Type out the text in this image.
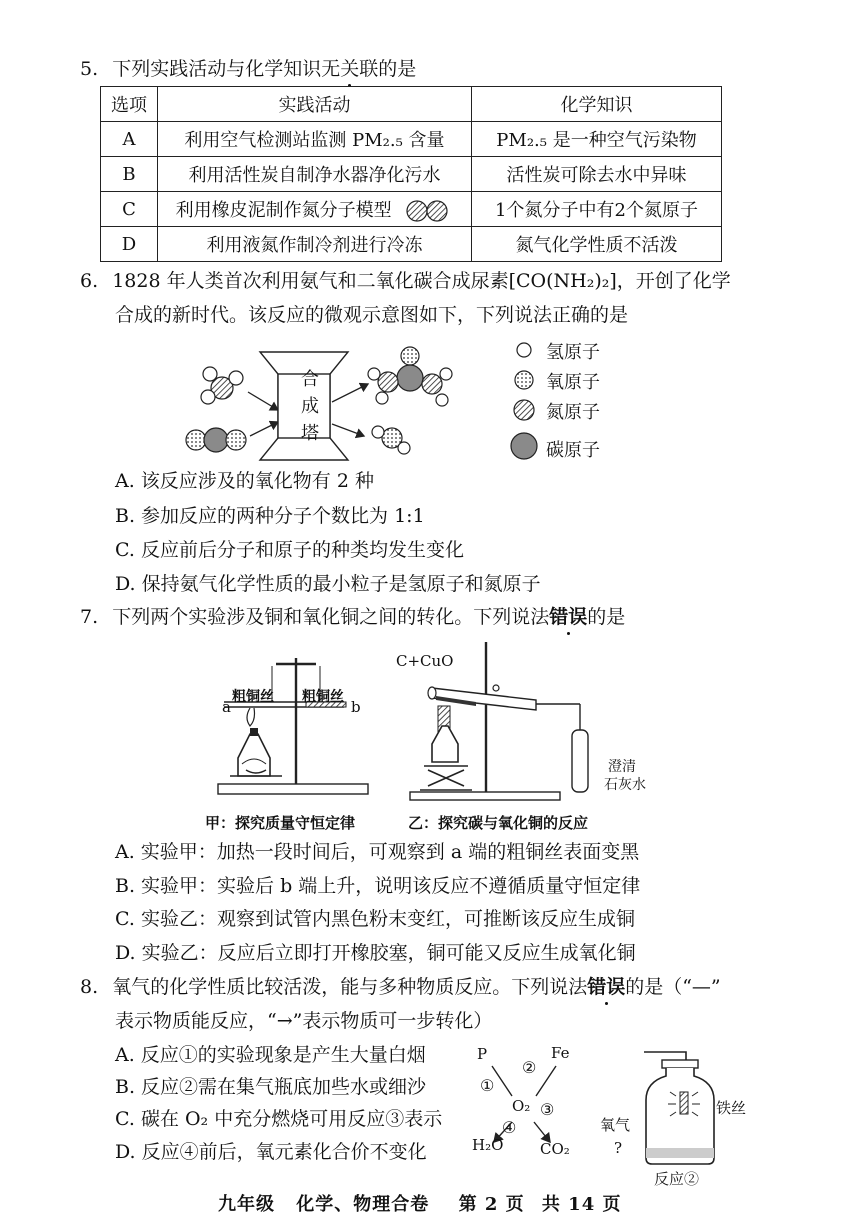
5. 下列实践活动与化学知识无关联的是
选项	实践活动	化学知识
A	利用空气检测站监测 PM₂.₅ 含量	PM₂.₅ 是一种空气污染物
B	利用活性炭自制净水器净化污水	活性炭可除去水中异味
C	利用橡皮泥制作氮分子模型	1个氮分子中有2个氮原子
D	利用液氮作制冷剂进行冷冻	氮气化学性质不活泼
6. 1828 年人类首次利用氨气和二氧化碳合成尿素[CO(NH₂)₂]，开创了化学
合成的新时代。该反应的微观示意图如下，下列说法正确的是
合
成
塔
氢原子
氧原子
氮原子
碳原子
A. 该反应涉及的氧化物有 2 种
B. 参加反应的两种分子个数比为 1:1
C. 反应前后分子和原子的种类均发生变化
D. 保持氨气化学性质的最小粒子是氢原子和氮原子
7. 下列两个实验涉及铜和氧化铜之间的转化。下列说法错误的是
粗铜丝 粗铜丝
a	b
C+CuO
澄清
石灰水
甲：探究质量守恒定律	乙：探究碳与氧化铜的反应
A. 实验甲：加热一段时间后，可观察到 a 端的粗铜丝表面变黑
B. 实验甲：实验后 b 端上升，说明该反应不遵循质量守恒定律
C. 实验乙：观察到试管内黑色粉末变红，可推断该反应生成铜
D. 实验乙：反应后立即打开橡胶塞，铜可能又反应生成氧化铜
8. 氧气的化学性质比较活泼，能与多种物质反应。下列说法错误的是（“—”
表示物质能反应，“→”表示物质可一步转化）
A. 反应①的实验现象是产生大量白烟
B. 反应②需在集气瓶底加些水或细沙
C. 碳在 O₂ 中充分燃烧可用反应③表示
D. 反应④前后，氧元素化合价不变化
P	Fe
O₂
H₂O CO₂
①
②
③
④	氧气
铁丝
?
反应②
九年级 化学、物理合卷 第 2 页 共 14 页
